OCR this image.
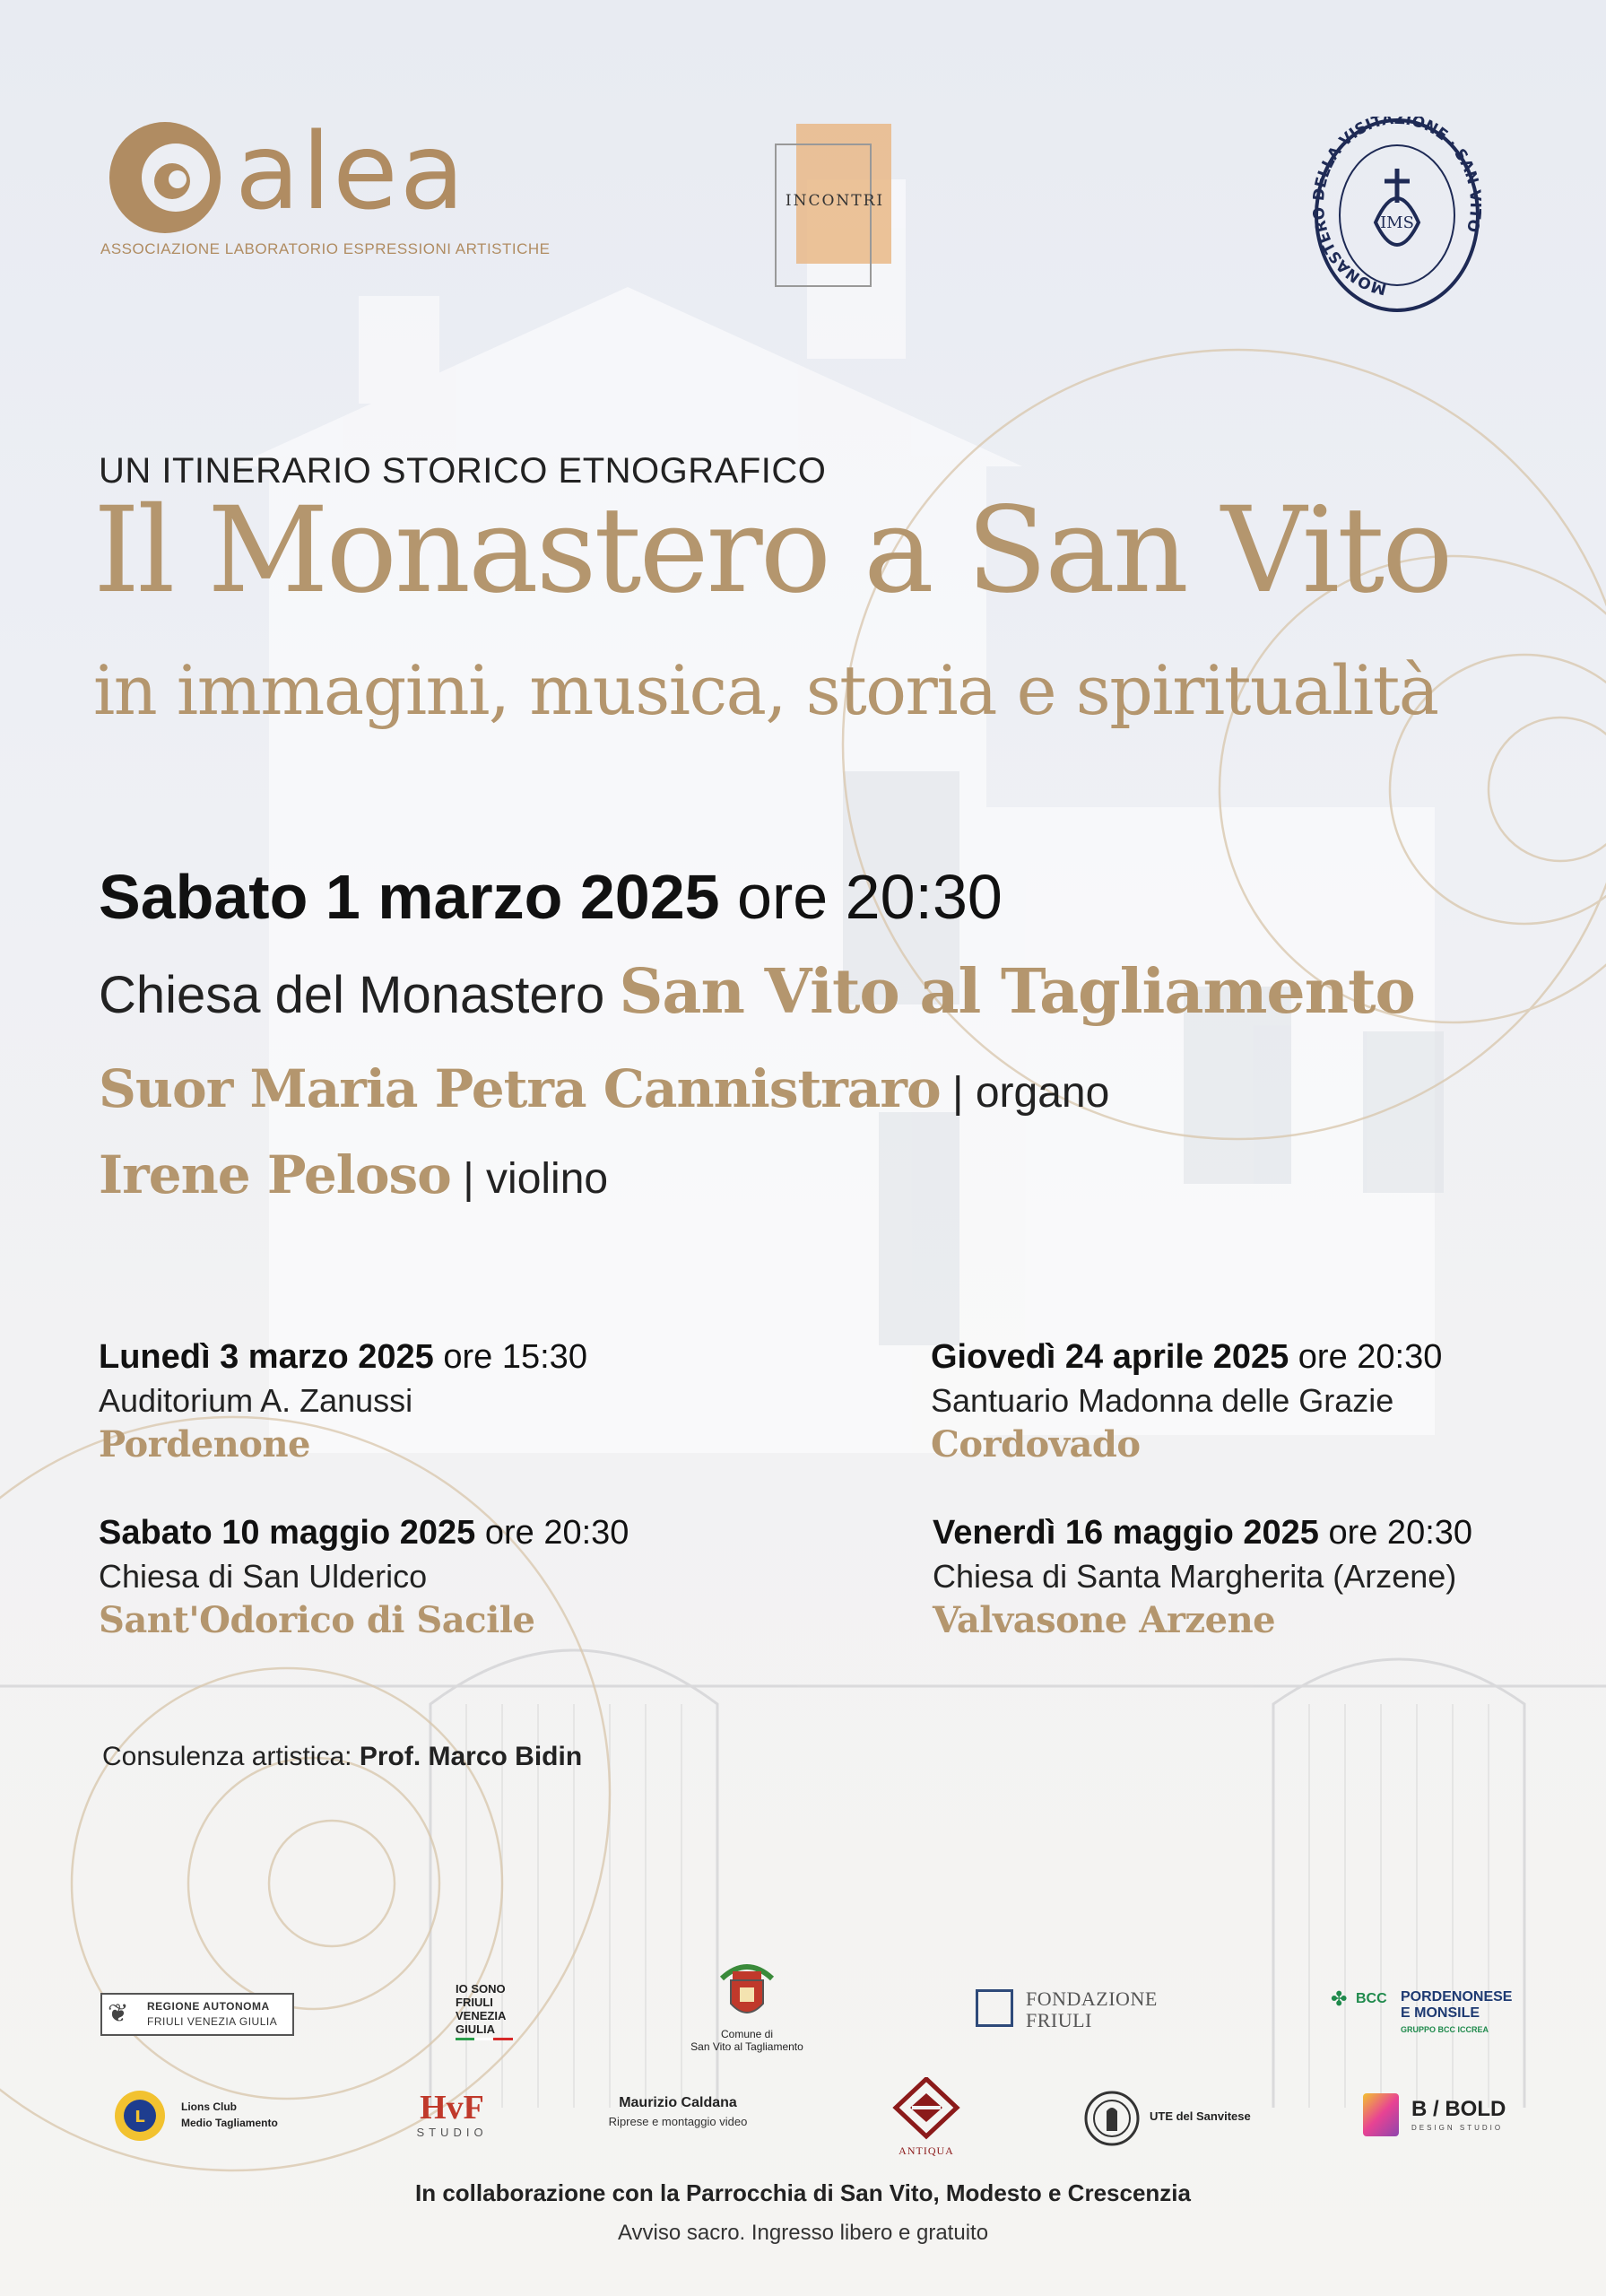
alea
ASSOCIAZIONE LABORATORIO ESPRESSIONI ARTISTICHE
INCONTRI
MONASTER ELLA VISITAZIONE · SAN O
IMS
UN ITINERARIO STORICO ETNOGRAFICO
Il Monastero a San Vito
in immagini, musica, storia e spiritualità
Sabato 1 marzo 2025 ore 20:30
Chiesa del Monastero San Vito al Tagliamento
Suor Maria Petra Cannistraro | organo
Irene Peloso | violino
Lunedì 3 marzo 2025 ore 15:30
Auditorium A. Zanussi
Pordenone
Giovedì 24 aprile 2025 ore 20:30
Santuario Madonna delle Grazie
Cordovado
Sabato 10 maggio 2025 ore 20:30
Chiesa di San Ulderico
Sant'Odorico di Sacile
Venerdì 16 maggio 2025 ore 20:30
Chiesa di Santa Margherita (Arzene)
Valvasone Arzene
Consulenza artistica: Prof. Marco Bidin
❦ REGIONE AUTONOMA
FRIULI VENEZIA GIULIA
IO SONO
FRIULI
VENEZIA
GIULIA	Comune di
San Vito al Tagliamento
FONDAZIONE
FRIULI
✤ BCC PORDENONESE
E MONSILE
GRUPPO BCC ICCREA
L
Lions Club
Medio Tagliamento	HvF
STUDIO
Maurizio Caldana
Riprese e montaggio video
ANTIQUA
UTE del Sanvitese	B / BOLD
DESIGN STUDIO
In collaborazione con la Parrocchia di San Vito, Modesto e Crescenzia
Avviso sacro. Ingresso libero e gratuito
